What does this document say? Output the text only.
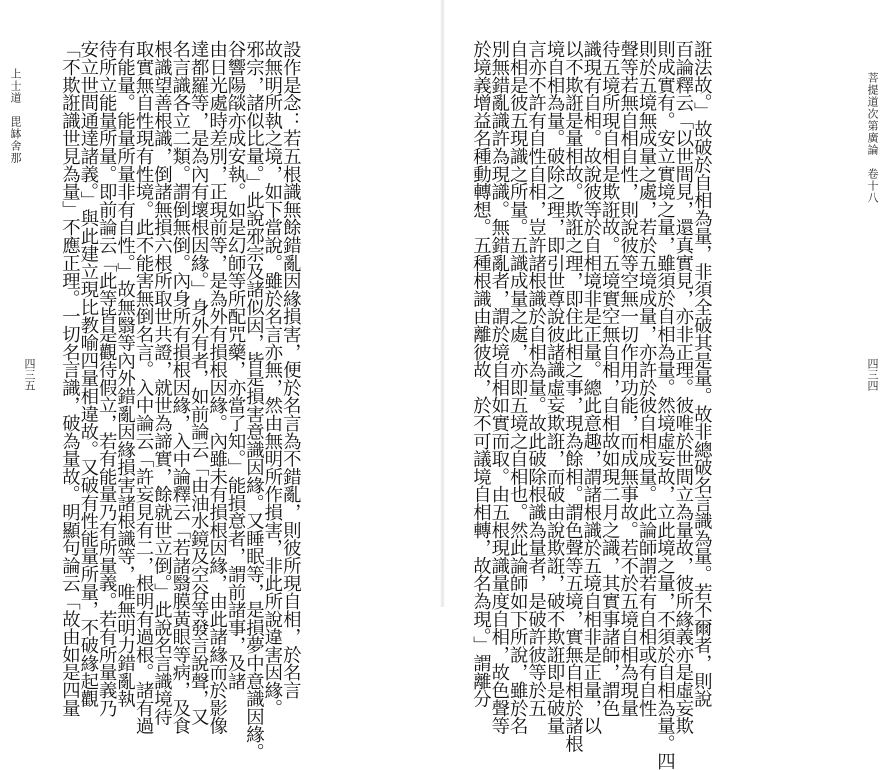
上士道　毘缽舍那
四三五	設作是念：若五根識無餘錯亂因緣損害，便於名言為不錯亂，則彼所現自相，於名言
故無明所執之境，如下當說。雖於名言亦無，然由無明所作損害，非此所說違害因緣。
邪宗，諸似比量。」此說邪宗及諸似因，皆是損害意識因緣。又睡眠等，是損夢中意識因緣。
谷響陽燄亦成安執。如是幻師等所配咒藥，亦當了知。」能損意者，謂前諸事，及諸
由日光處時差別，正現前等，是為外有損根因緣。內雖未有損根因緣，由此諸緣而於影像
達都羅等，是為內有壞根因緣。」身外有者，如前論云「由油水鏡及空谷等發言說聲，又
名言識各立二類。謂倒無倒。內身所有損根因緣，入中論釋云「若諸翳膜黃眼等病，及食
根識望善根識，倒諸無損六根所取世共證，就世為諦實，餘就世立倒。」此說名言識境待
取實無自性現有性境。此不能害無倒名言。入中論云「許妄見有二，根明有過根。諸有過
有能量。能量所量非有自性。」故無翳等內外錯亂因緣損害諸根識等，唯無明力錯亂執
待所立能量所量。即前論云「此等皆是觀待假立，若有能量乃有所量義。若有所量義乃
安立世間通達諸義。」與此建立現比教喻四量相違故。又破有性能量所量，不破緣起觀
「不欺誑識世見為量」不應正理。一切名言識，破為量故。明顯句論云「故由如是四量	菩提道次第廣論　卷十八
四三四
誑法故。」故破於自相為量，非須全破其是量。故非總破名言識為量。若不爾者，則說
百論釋云「以世間見，還真實見，亦非正理。彼唯於世間立為量故，彼所緣義亦是虛妄欺
則成實有。安立實境之量，雖須於自相為量。然境虛妄故，立此境之量，不須於自相為量。四
則於五境無成量之處，若於五境成量，亦許於彼自相成量。此論師謂若有自相或有自性
聲等若無自相自性，則說彼等空無一切作用功能，而成無事故。若不於五境自相為現量
待五境所現自相是欺誑故。五境實空無自相，自相故如現二月之識，其實事諸師，謂色
識現有自相。故說彼等於自相境非是正量。總此意趣，謂諸根識於五境自相非是正量，以
以不欺誑是量相故。欺誑之理，即住此相之事，現為餘相。謂色聲等五境，實無自相於諸根
境自相為量。破除之理，即引世尊說彼諸識虛妄欺誑，而破由說欺誑，破不欺誑即是破量
言亦不許有自性自相，豈許諸根識於自相為量。故此破除根識為量者，是破許彼等於五
自相是彼五現識之所量。五識成量之處，亦即五境之自相也。然此論師如下所說，雖於名
別無錯亂識許為現識。無錯亂者，謂於境自相如實而取。由五根現識量度自相，故色聲等
於境義增益名種動轉想。五種根識由離彼故，於不可議境自相轉，故名為現。」謂離分
